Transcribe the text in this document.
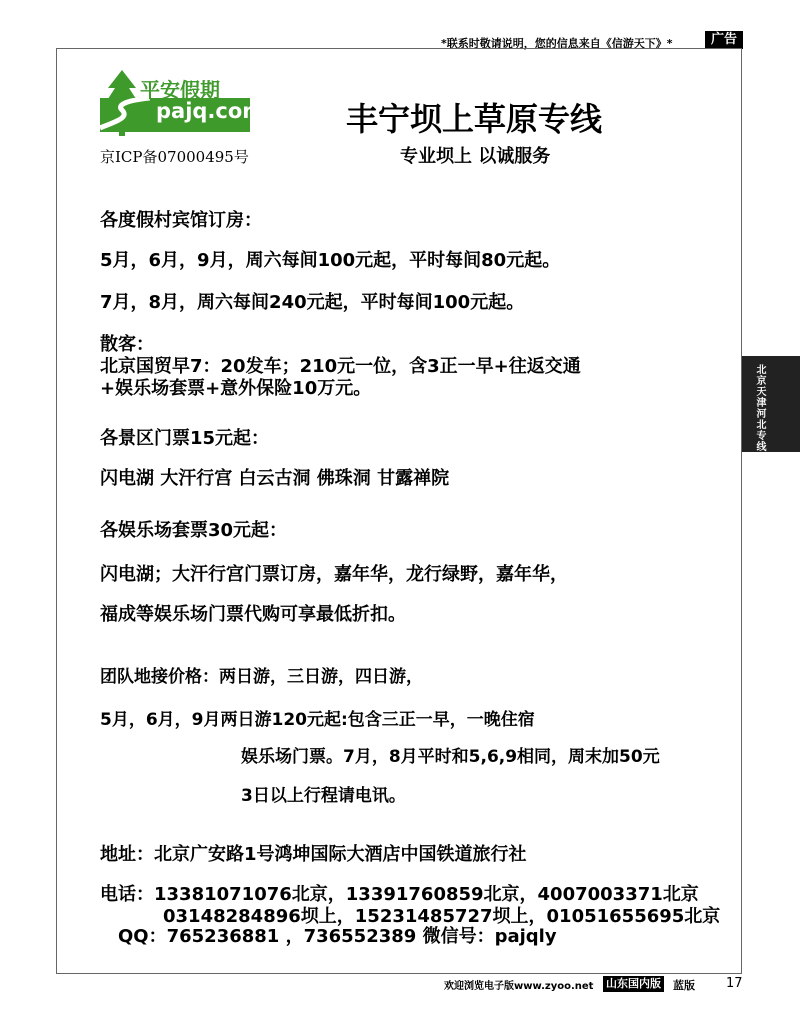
*联系时敬请说明，您的信息来自《信游天下》*	广告
北京天津河北专线
平安假期
pajq.com
京ICP备07000495号
丰宁坝上草原专线
专业坝上 以诚服务
各度假村宾馆订房：
5月，6月，9月，周六每间100元起，平时每间80元起。
7月，8月，周六每间240元起，平时每间100元起。
散客：
北京国贸早7：20发车；210元一位，含3正一早+往返交通
+娱乐场套票+意外保险10万元。
各景区门票15元起：
闪电湖 大汗行宫 白云古洞 佛珠洞 甘露禅院
各娱乐场套票30元起：
闪电湖；大汗行宫门票订房，嘉年华，龙行绿野，嘉年华，
福成等娱乐场门票代购可享最低折扣。
团队地接价格：两日游，三日游，四日游，
5月，6月，9月两日游120元起:包含三正一早，一晚住宿
娱乐场门票。7月，8月平时和5,6,9相同，周末加50元
3日以上行程请电讯。
地址：北京广安路1号鸿坤国际大酒店中国铁道旅行社
电话：13381071076北京，13391760859北京，4007003371北京
03148284896坝上，15231485727坝上，01051655695北京
QQ：765236881 ，736552389 微信号：pajqly
欢迎浏览电子版www.zyoo.net 山东国内版 蓝版 17
